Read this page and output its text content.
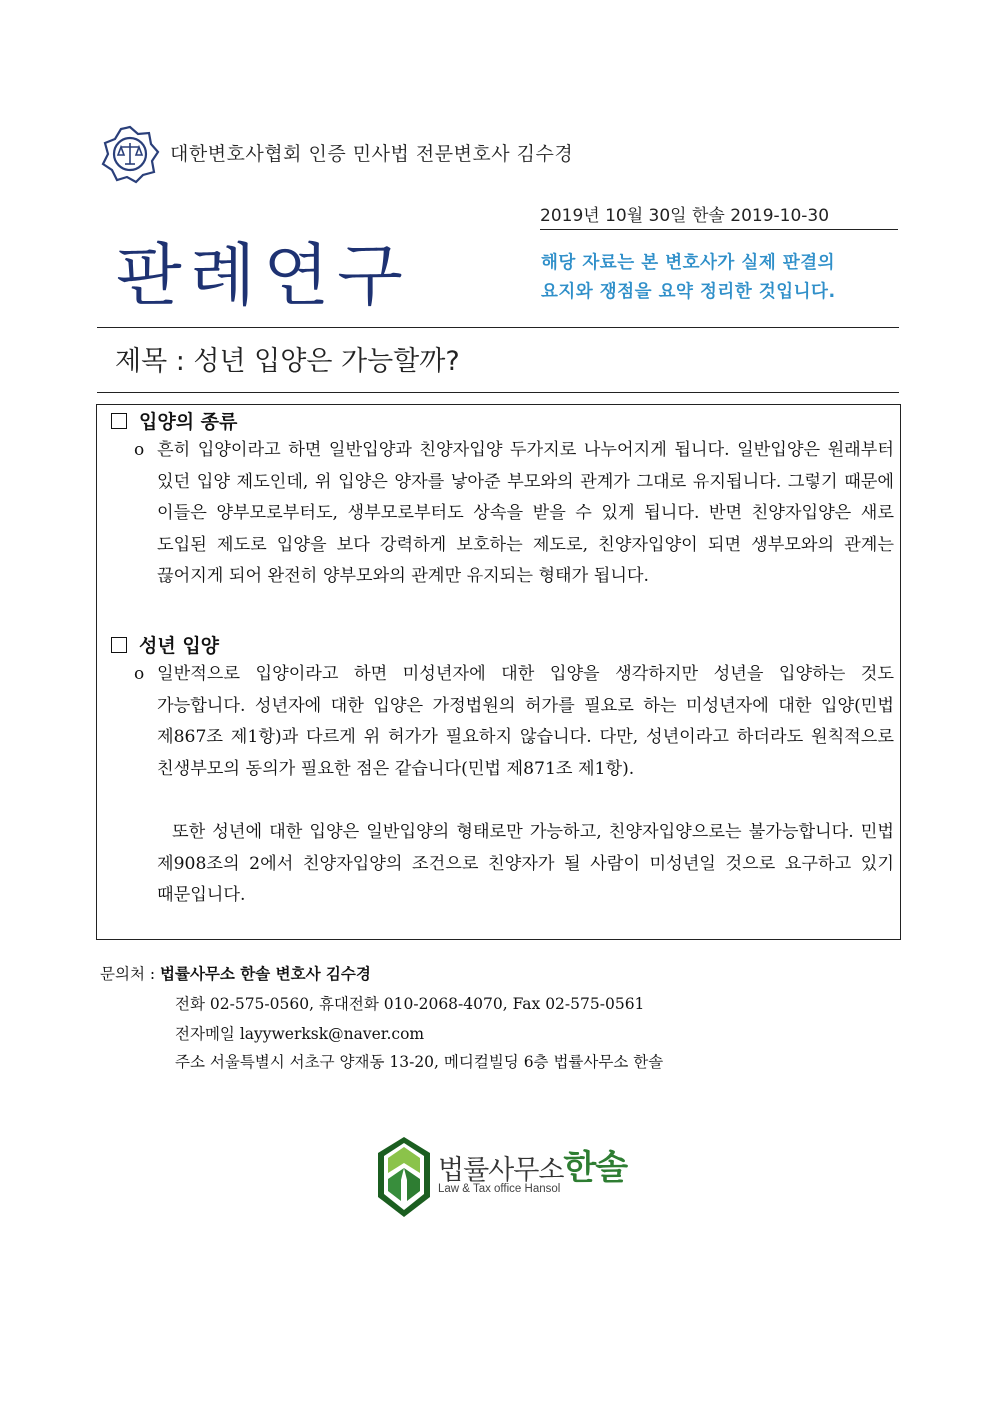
대한변호사협회 인증 민사법 전문변호사 김수경
2019년 10월 30일 한솔 2019-10-30
판례연구	해당 자료는 본 변호사가 실제 판결의
요지와 쟁점을 요약 정리한 것입니다.
제목 : 성년 입양은 가능할까?
입양의 종류
o 흔히 입양이라고 하면 일반입양과 친양자입양 두가지로 나누어지게 됩니다. 일반입양은 원래부터 있던 입양 제도인데, 위 입양은 양자를 낳아준 부모와의 관계가 그대로 유지됩니다. 그렇기 때문에 이들은 양부모로부터도, 생부모로부터도 상속을 받을 수 있게 됩니다. 반면 친양자입양은 새로 도입된 제도로 입양을 보다 강력하게 보호하는 제도로, 친양자입양이 되면 생부모와의 관계는 끊어지게 되어 완전히 양부모와의 관계만 유지되는 형태가 됩니다.
성년 입양
o 일반적으로 입양이라고 하면 미성년자에 대한 입양을 생각하지만 성년을 입양하는 것도 가능합니다. 성년자에 대한 입양은 가정법원의 허가를 필요로 하는 미성년자에 대한 입양(민법 제867조 제1항)과 다르게 위 허가가 필요하지 않습니다. 다만, 성년이라고 하더라도 원칙적으로 친생부모의 동의가 필요한 점은 같습니다(민법 제871조 제1항).
또한 성년에 대한 입양은 일반입양의 형태로만 가능하고, 친양자입양으로는 불가능합니다. 민법 제908조의 2에서 친양자입양의 조건으로 친양자가 될 사람이 미성년일 것으로 요구하고 있기 때문입니다.
문의처 : 법률사무소 한솔 변호사 김수경
전화 02-575-0560, 휴대전화 010-2068-4070, Fax 02-575-0561
전자메일 layywerksk@naver.com
주소 서울특별시 서초구 양재동 13-20, 메디컬빌딩 6층 법률사무소 한솔
법률사무소한솔
Law & Tax office Hansol
